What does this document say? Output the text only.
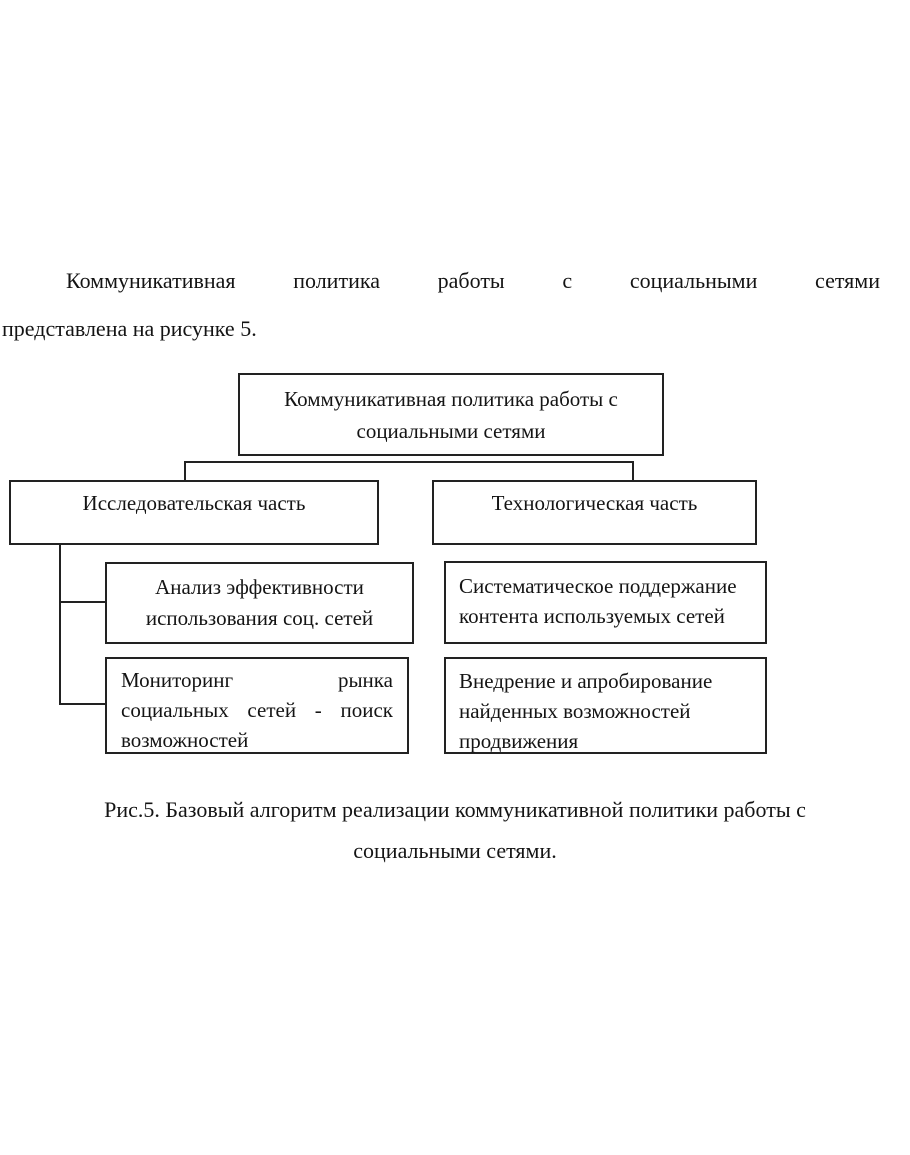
Коммуникативная политика работы с социальными сетями
представлена на рисунке 5.
Коммуникативная политика работы с
социальными сетями
Исследовательская часть	Технологическая часть
Анализ эффективности
использования соц. сетей
Мониторинг рынка
социальных сетей - поиск
возможностей
Систематическое поддержание
контента используемых сетей
Внедрение и апробирование
найденных возможностей
продвижения
Рис.5. Базовый алгоритм реализации коммуникативной политики работы с
социальными сетями.
